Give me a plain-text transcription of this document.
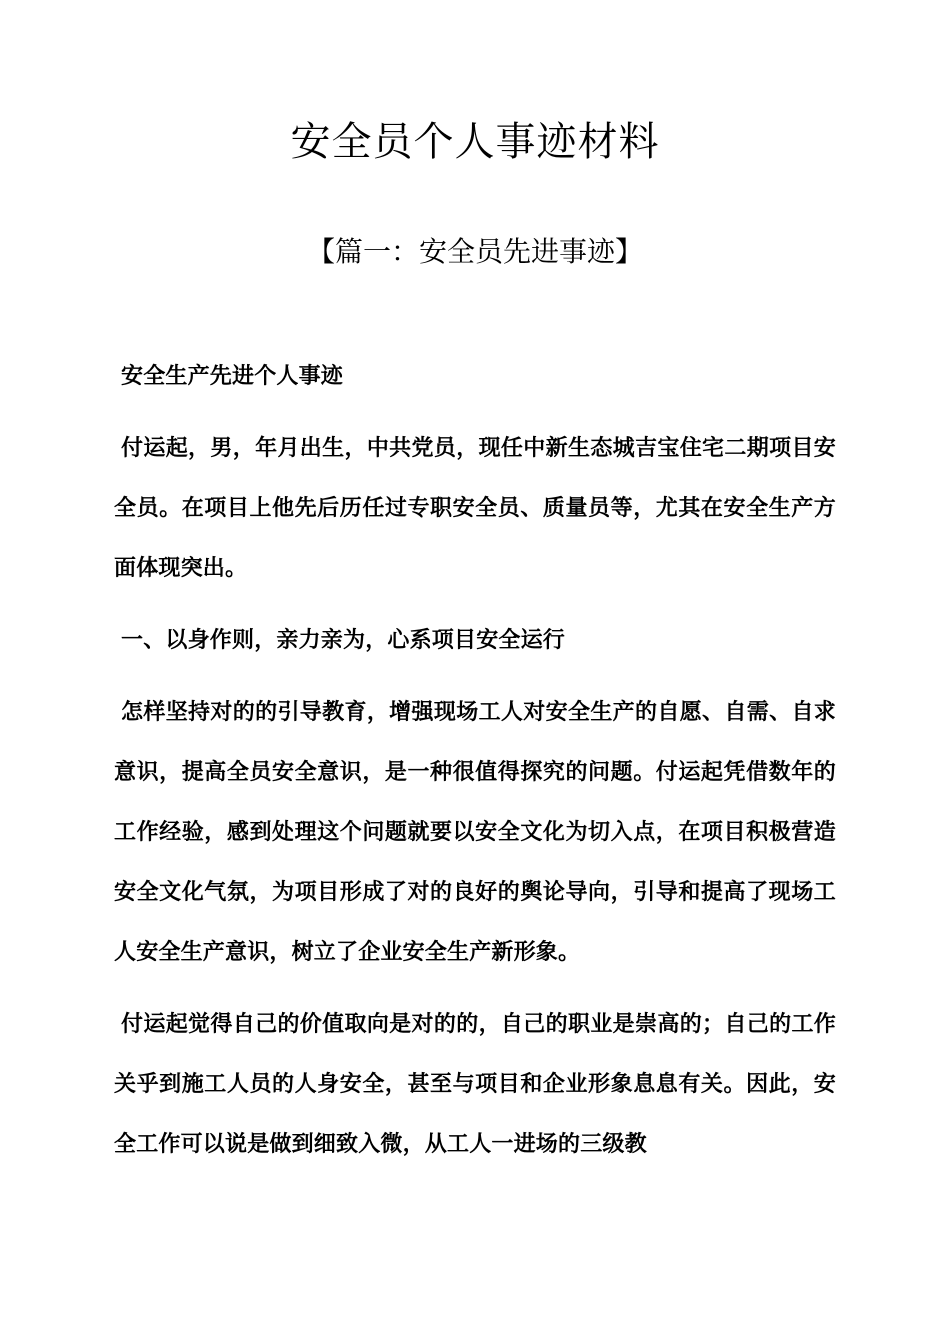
安全员个人事迹材料
【篇一：安全员先进事迹】

安全生产先进个人事迹

付运起，男，年月出生，中共党员，现任中新生态城吉宝住宅二期项目安全员。在项目上他先后历任过专职安全员、质量员等，尤其在安全生产方面体现突出。

一、以身作则，亲力亲为，心系项目安全运行

怎样坚持对的的引导教育，增强现场工人对安全生产的自愿、自需、自求意识，提高全员安全意识，是一种很值得探究的问题。付运起凭借数年的工作经验，感到处理这个问题就要以安全文化为切入点，在项目积极营造安全文化气氛，为项目形成了对的良好的舆论导向，引导和提高了现场工人安全生产意识，树立了企业安全生产新形象。

付运起觉得自己的价值取向是对的的，自己的职业是崇高的；自己的工作关乎到施工人员的人身安全，甚至与项目和企业形象息息有关。因此，安全工作可以说是做到细致入微，从工人一进场的三级教
